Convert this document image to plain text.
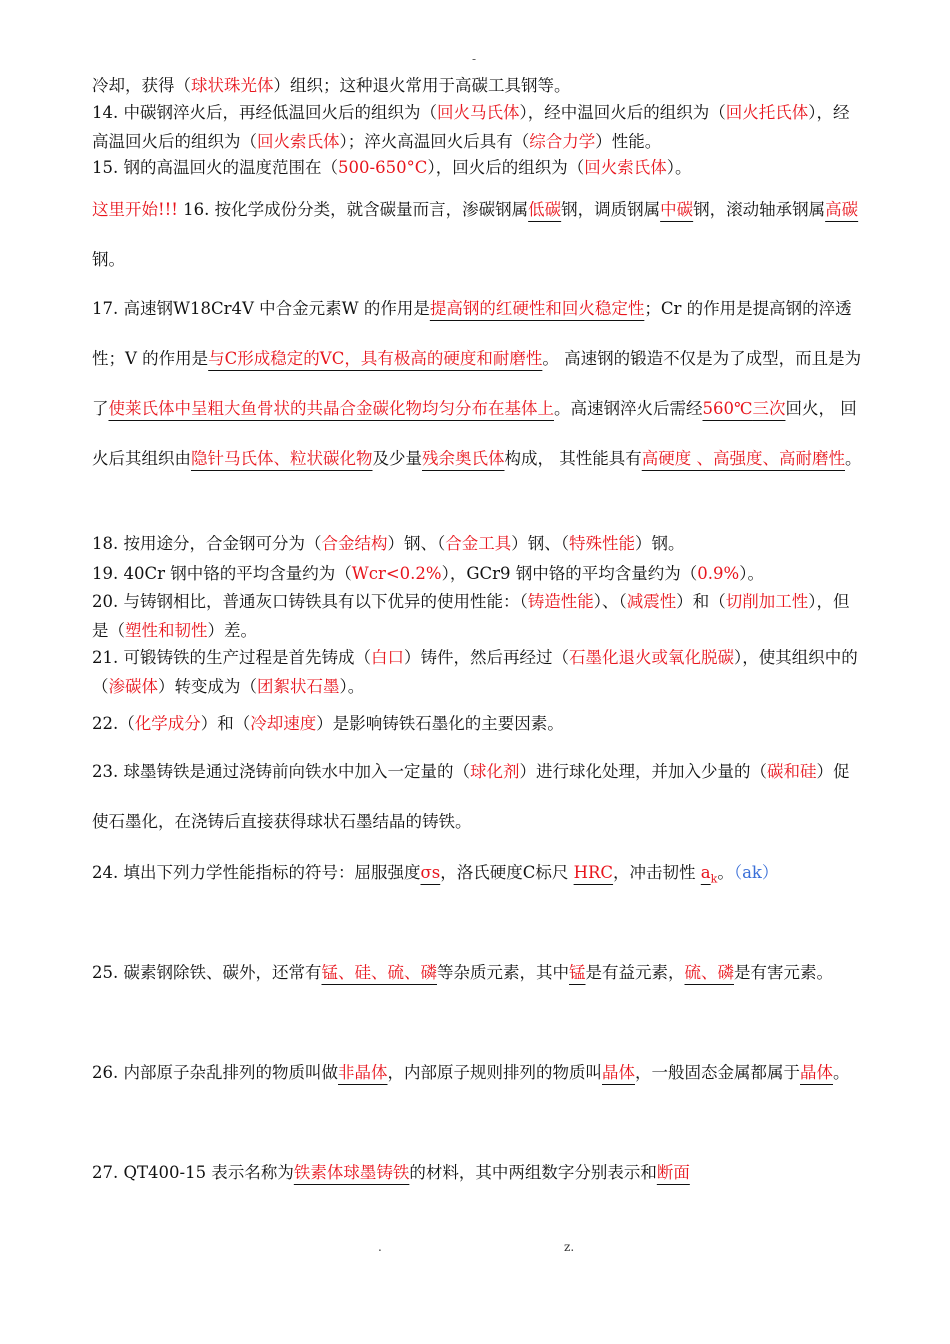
-

冷却，获得（球状珠光体）组织；这种退火常用于高碳工具钢等。

14. 中碳钢淬火后，再经低温回火后的组织为（回火马氏体），经中温回火后的组织为（回火托氏体），经高温回火后的组织为（回火索氏体）；淬火高温回火后具有（综合力学）性能。

15. 钢的高温回火的温度范围在（500-650°C），回火后的组织为（回火索氏体）。

这里开始!!! 16. 按化学成份分类，就含碳量而言，渗碳钢属低碳钢，调质钢属中碳钢，滚动轴承钢属高碳钢。

17. 高速钢W18Cr4V 中合金元素W 的作用是提高钢的红硬性和回火稳定性；Cr 的作用是提高钢的淬透性；V 的作用是与C形成稳定的VC，具有极高的硬度和耐磨性。 高速钢的锻造不仅是为了成型，而且是为了使莱氏体中呈粗大鱼骨状的共晶合金碳化物均匀分布在基体上。高速钢淬火后需经560℃三次回火， 回火后其组织由隐针马氏体、粒状碳化物及少量残余奥氏体构成， 其性能具有高硬度 、高强度、高耐磨性。

18. 按用途分，合金钢可分为（合金结构）钢、（合金工具）钢、（特殊性能）钢。

19. 40Cr 钢中铬的平均含量约为（Wcr<0.2%），GCr9 钢中铬的平均含量约为（0.9%）。

20. 与铸钢相比，普通灰口铸铁具有以下优异的使用性能：（铸造性能）、（减震性）和（切削加工性），但是（塑性和韧性）差。

21. 可锻铸铁的生产过程是首先铸成（白口）铸件，然后再经过（石墨化退火或氧化脱碳），使其组织中的（渗碳体）转变成为（团絮状石墨）。

22.（化学成分）和（冷却速度）是影响铸铁石墨化的主要因素。

23. 球墨铸铁是通过浇铸前向铁水中加入一定量的（球化剂）进行球化处理，并加入少量的（碳和硅）促使石墨化，在浇铸后直接获得球状石墨结晶的铸铁。

24. 填出下列力学性能指标的符号：屈服强度σs，洛氏硬度C标尺 HRC，冲击韧性 $a_k$。（ak）

25. 碳素钢除铁、碳外，还常有锰、硅、硫、磷等杂质元素，其中锰是有益元素，硫、磷是有害元素。

26. 内部原子杂乱排列的物质叫做非晶体，内部原子规则排列的物质叫晶体，一般固态金属都属于晶体。

27. QT400-15 表示名称为铁素体球墨铸铁的材料，其中两组数字分别表示和断面

.	z.
